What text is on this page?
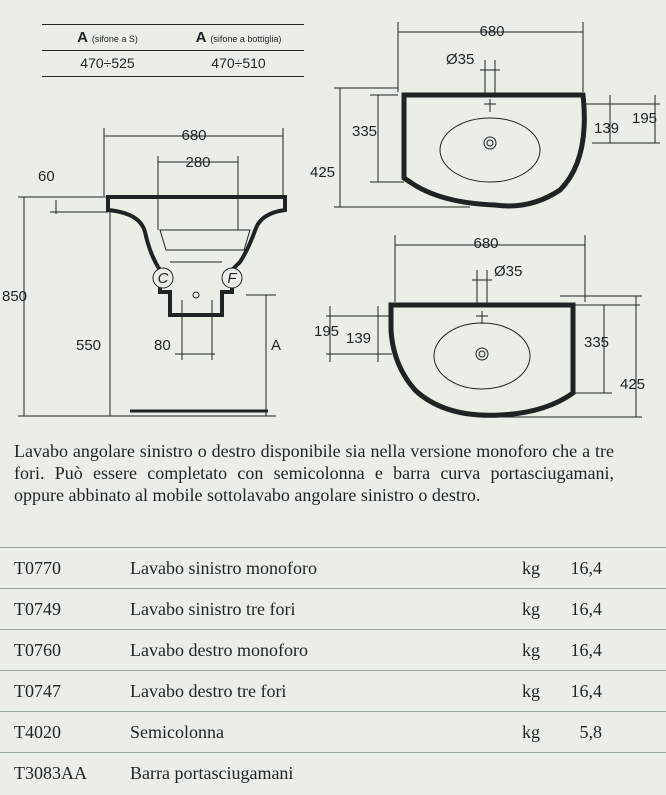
A (sifone a S)	A (sifone a bottiglia)
470÷525	470÷510
680
Ø35
335
425
139
195
680
280
60
850
550	80	A
C	F
680
Ø35
195 139	335
425

Lavabo angolare sinistro o destro disponibile sia nella versione monoforo che a tre fori. Può essere completato con semicolonna e barra curva portasciugamani, oppure abbinato al mobile sottolavabo angolare sinistro o destro.

T0770	Lavabo sinistro monoforo	kg 16,4
T0749	Lavabo sinistro tre fori	kg 16,4
T0760	Lavabo destro monoforo	kg 16,4
T0747	Lavabo destro tre fori	kg 16,4
T4020	Semicolonna	kg 5,8
T3083AA Barra portasciugamani
